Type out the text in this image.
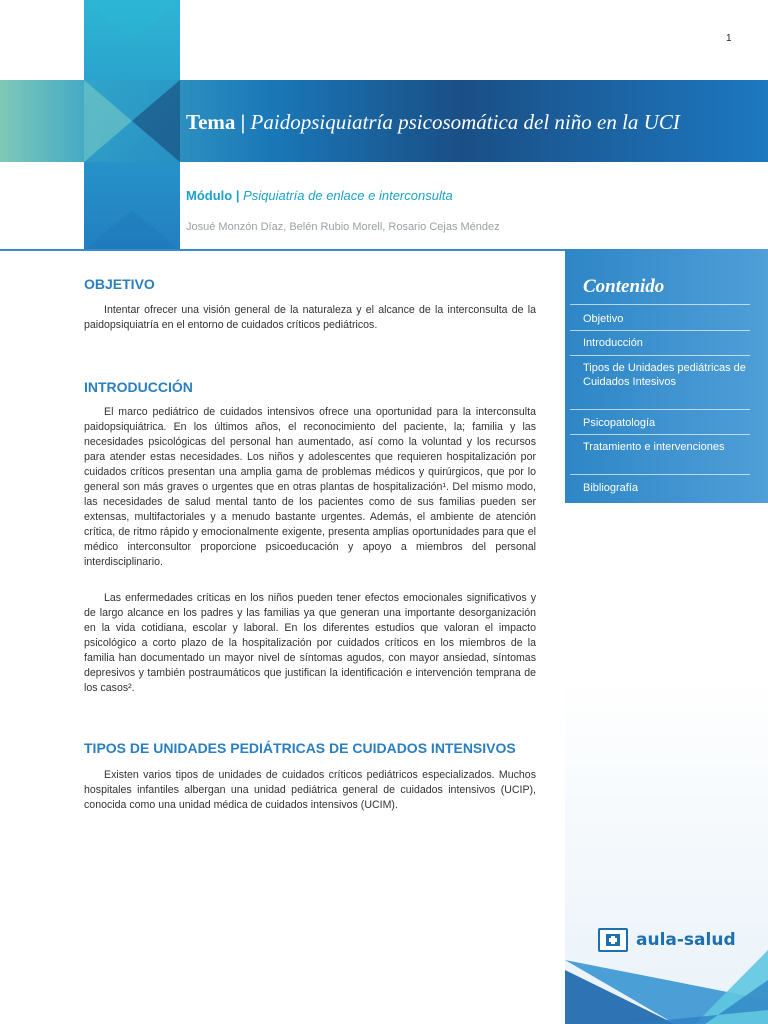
1
Tema | Paidopsiquiatría psicosomática del niño en la UCI
Módulo | Psiquiatría de enlace e interconsulta
Josué Monzón Díaz, Belén Rubio Morell, Rosario Cejas Méndez
OBJETIVO

Intentar ofrecer una visión general de la naturaleza y el alcance de la interconsulta de la paidopsiquiatría en el entorno de cuidados críticos pediátricos.

INTRODUCCIÓN

El marco pediátrico de cuidados intensivos ofrece una oportunidad para la interconsulta paidopsiquiátrica. En los últimos años, el reconocimiento del paciente, la; familia y las necesidades psicológicas del personal han aumentado, así como la voluntad y los recursos para atender estas necesidades. Los niños y adolescentes que requieren hospitalización por cuidados críticos presentan una amplia gama de problemas médicos y quirúrgicos, que por lo general son más graves o urgentes que en otras plantas de hospitalización¹. Del mismo modo, las necesidades de salud mental tanto de los pacientes como de sus familias pueden ser extensas, multifactoriales y a menudo bastante urgentes. Además, el ambiente de atención crítica, de ritmo rápido y emocionalmente exigente, presenta amplias oportunidades para que el médico interconsultor proporcione psicoeducación y apoyo a miembros del personal interdisciplinario.

Las enfermedades críticas en los niños pueden tener efectos emocionales significativos y de largo alcance en los padres y las familias ya que generan una importante desorganización en la vida cotidiana, escolar y laboral. En los diferentes estudios que valoran el impacto psicológico a corto plazo de la hospitalización por cuidados críticos en los miembros de la familia han documentado un mayor nivel de síntomas agudos, con mayor ansiedad, síntomas depresivos y también postraumáticos que justifican la identificación e intervención temprana de los casos².

TIPOS DE UNIDADES PEDIÁTRICAS DE CUIDADOS INTENSIVOS

Existen varios tipos de unidades de cuidados críticos pediátricos especializados. Muchos hospitales infantiles albergan una unidad pediátrica general de cuidados intensivos (UCIP), conocida como una unidad médica de cuidados intensivos (UCIM).

Contenido
Objetivo
Introducción
Tipos de Unidades pediátricas de Cuidados Intesivos
Psicopatología
Tratamiento e intervenciones
Bibliografía
aula-salud
